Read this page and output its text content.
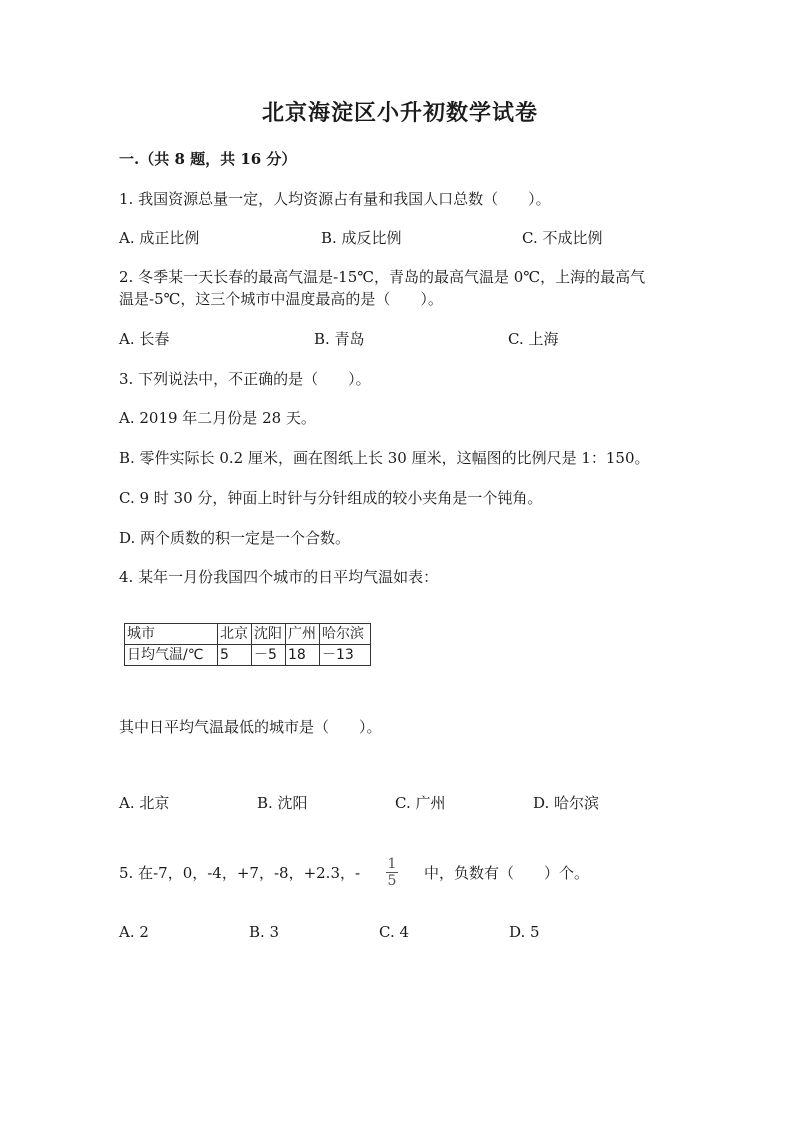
北京海淀区小升初数学试卷
一.（共 8 题，共 16 分）
1. 我国资源总量一定，人均资源占有量和我国人口总数（　　）。
A. 成正比例	B. 成反比例	C. 不成比例
2. 冬季某一天长春的最高气温是-15℃，青岛的最高气温是 0℃，上海的最高气
温是-5℃，这三个城市中温度最高的是（　　）。
A. 长春	B. 青岛	C. 上海
3. 下列说法中，不正确的是（　　）。
A. 2019 年二月份是 28 天。
B. 零件实际长 0.2 厘米，画在图纸上长 30 厘米，这幅图的比例尺是 1：150。
C. 9 时 30 分，钟面上时针与分针组成的较小夹角是一个钝角。
D. 两个质数的积一定是一个合数。
4. 某年一月份我国四个城市的日平均气温如表：
城市	北京	沈阳	广州	哈尔滨
日均气温/℃	5	－5	18	－13
其中日平均气温最低的城市是（　　）。
A. 北京	B. 沈阳	C. 广州	D. 哈尔滨
5. 在-7，0，-4，+7，-8，+2.3，- 1
5 中，负数有（　　）个。
A. 2	B. 3	C. 4	D. 5
